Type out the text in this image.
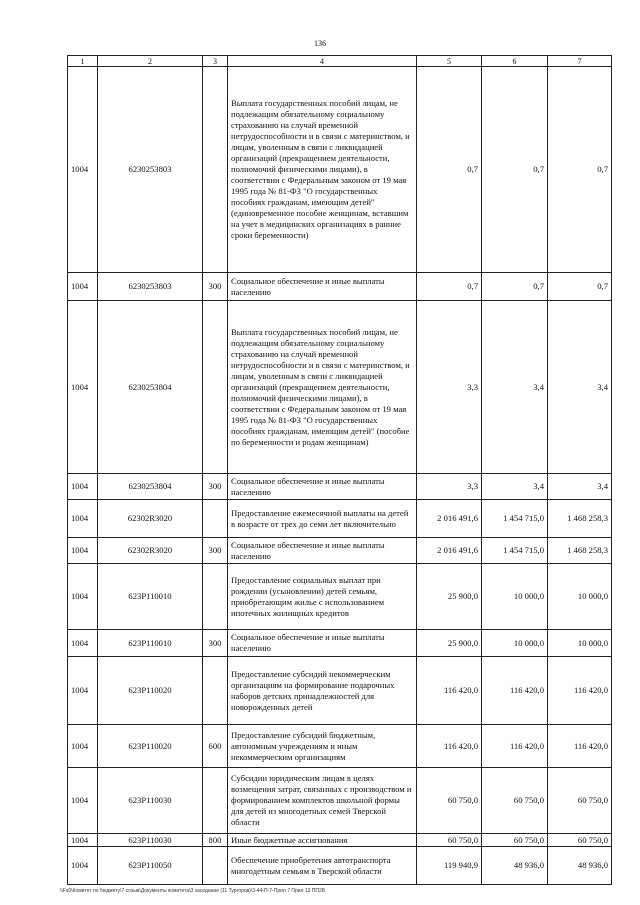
136
1	2	3	4	5	6	7
1004	6230253803		Выплата государственных пособий лицам, не подлежащим обязательному социальному страхованию на случай временной нетрудоспособности и в связи с материнством, и лицам, уволенным в связи с ликвидацией организаций (прекращением деятельности, полномочий физическими лицами), в соответствии с Федеральным законом от 19 мая 1995 года № 81-ФЗ "О государственных пособиях гражданам, имеющим детей" (единовременное пособие женщинам, вставшим на учет в медицинских организациях в ранние сроки беременности)	0,7	0,7	0,7
1004	6230253803	300	Социальное обеспечение и иные выплаты населению	0,7	0,7	0,7
1004	6230253804		Выплата государственных пособий лицам, не подлежащим обязательному социальному страхованию на случай временной нетрудоспособности и в связи с материнством, и лицам, уволенным в связи с ликвидацией организаций (прекращением деятельности, полномочий физическими лицами), в соответствии с Федеральным законом от 19 мая 1995 года № 81-ФЗ "О государственных пособиях гражданам, имеющим детей" (пособие по беременности и родам женщинам)	3,3	3,4	3,4
1004	6230253804	300	Социальное обеспечение и иные выплаты населению	3,3	3,4	3,4
1004	62302R3020		Предоставление ежемесячной выплаты на детей в возрасте от трех до семи лет включительно	2 016 491,6	1 454 715,0	1 468 258,3
1004	62302R3020	300	Социальное обеспечение и иные выплаты населению	2 016 491,6	1 454 715,0	1 468 258,3
1004	623P110010		Предоставление социальных выплат при рождении (усыновлении) детей семьям, приобретающим жилье с использованием ипотечных жилищных кредитов	25 900,0	10 000,0	10 000,0
1004	623P110010	300	Социальное обеспечение и иные выплаты населению	25 900,0	10 000,0	10 000,0
1004	623P110020		Предоставление субсидий некоммерческим организациям на формирование подарочных наборов детских принадлежностей для новорожденных детей	116 420,0	116 420,0	116 420,0
1004	623P110020	600	Предоставление субсидий бюджетным, автономным учреждениям и иным некоммерческим организациям	116 420,0	116 420,0	116 420,0
1004	623P110030		Субсидии юридическим лицам в целях возмещения затрат, связанных с производством и формированием комплектов школьной формы для детей из многодетных семей Тверской области	60 750,0	60 750,0	60 750,0
1004	623P110030	800	Иные бюджетные ассигнования	60 750,0	60 750,0	60 750,0
1004	623P110050		Обеспечение приобретения автотранспорта многодетным семьям в Тверской области	119 940,9	48 936,0	48 936,0
\\Fs0\Комитет по бюджету\7 созыв\Документы комитета\3 заседание (11 Тургоров)\3-44-П-7-Прил 7 Прил 13 ПП2В
